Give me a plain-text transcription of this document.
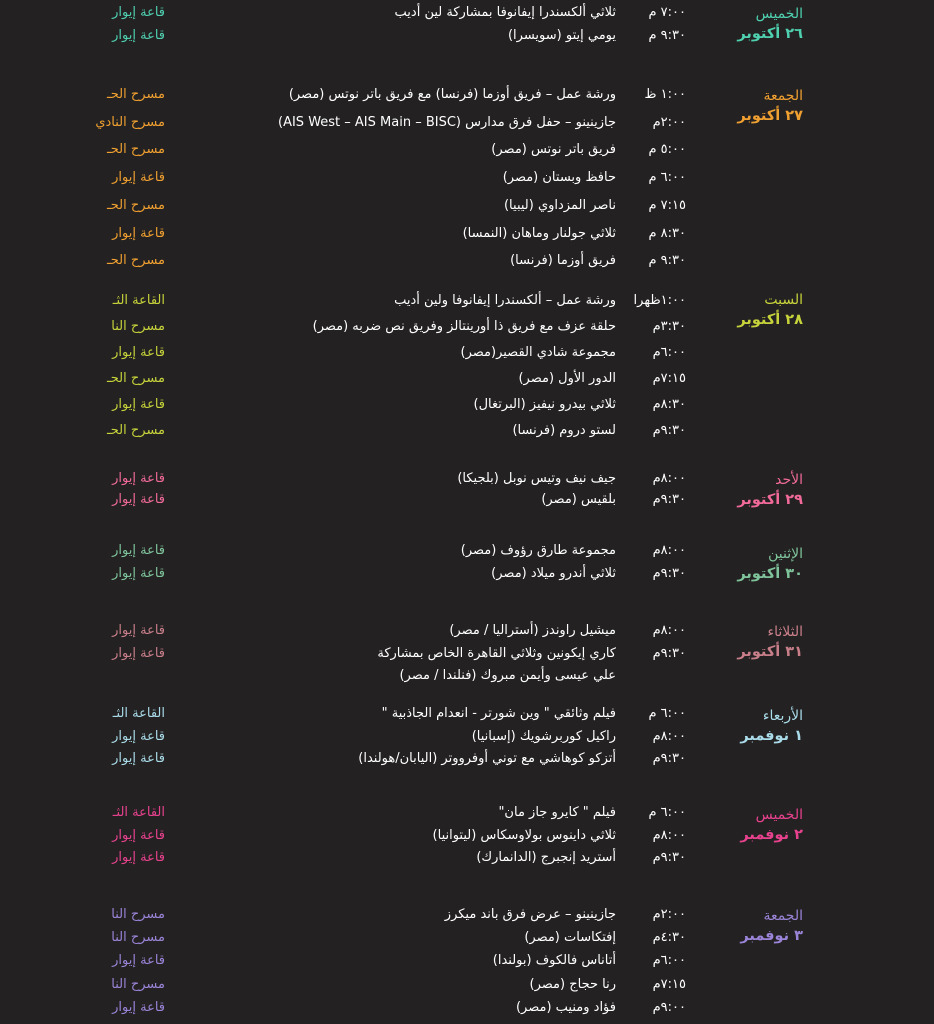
الخميس
٢٦ أكتوبر
٧:٠٠ م
ثلاثي ألكسندرا إيفانوفا بمشاركة لين أديب
قاعة إيوار
٩:٣٠ م
يومي إيتو (سويسرا)
قاعة إيوار
الجمعة
٢٧ أكتوبر
١:٠٠ ظ
ورشة عمل – فريق أوزما (فرنسا) مع فريق باتر نوتس (مصر)
مسرح الحـ
٢:٠٠م
جازينينو – حفل فرق مدارس (AIS West – AIS Main – BISC)
مسرح النادي
٥:٠٠ م
فريق باتر نوتس (مصر)
مسرح الحـ
٦:٠٠ م
حافظ وبستان (مصر)
قاعة إيوار
٧:١٥ م
ناصر المزداوي (ليبيا)
مسرح الحـ
٨:٣٠ م
ثلاثي جولنار وماهان (النمسا)
قاعة إيوار
٩:٣٠ م
فريق أوزما (فرنسا)
مسرح الحـ
السبت
٢٨ أكتوبر
١:٠٠ظهرا
ورشة عمل – ألكسندرا إيفانوفا ولين أديب
القاعة الثـ
٣:٣٠م
حلقة عزف مع فريق ذا أورينتالز وفريق نص ضربه (مصر)
مسرح النا
٦:٠٠م
مجموعة شادي القصير(مصر)
قاعة إيوار
٧:١٥م
الدور الأول (مصر)
مسرح الحـ
٨:٣٠م
ثلاثي بيدرو نيفيز (البرتغال)
قاعة إيوار
٩:٣٠م
لستو دروم (فرنسا)
مسرح الحـ
الأحد
٢٩ أكتوبر
٨:٠٠م
جيف نيف وتيس نوبل (بلجيكا)
قاعة إيوار
٩:٣٠م
بلقيس (مصر)
قاعة إيوار
الإثنين
٣٠ أكتوبر
٨:٠٠م
مجموعة طارق رؤوف (مصر)
قاعة إيوار
٩:٣٠م
ثلاثي أندرو ميلاد (مصر)
قاعة إيوار
الثلاثاء
٣١ أكتوبر
٨:٠٠م
ميشيل راوندز (أستراليا / مصر)
قاعة إيوار
٩:٣٠م
كاري إيكونين وثلاثي القاهرة الخاص بمشاركة
قاعة إيوار
علي عيسى وأيمن مبروك (فنلندا / مصر)
الأربعاء
١ نوفمبر
٦:٠٠ م
فيلم وثائقي " وين شورتر - انعدام الجاذبية "
القاعة الثـ
٨:٠٠م
راكيل كوربرشويك (إسبانيا)
قاعة إيوار
٩:٣٠م
أتزكو كوهاشي مع توني أوفرووتر (اليابان/هولندا)
قاعة إيوار
الخميس
٢ نوفمبر
٦:٠٠ م
فيلم " كايرو جاز مان"
القاعة الثـ
٨:٠٠م
ثلاثي داينوس بولاوسكاس (ليتوانيا)
قاعة إيوار
٩:٣٠م
أستريد إنجبرج (الدانمارك)
قاعة إيوار
الجمعة
٣ نوفمبر
٢:٠٠م
جازينينو – عرض فرق باند ميكرز
مسرح النا
٤:٣٠م
إفتكاسات (مصر)
مسرح النا
٦:٠٠م
أتاناس فالكوف (بولندا)
قاعة إيوار
٧:١٥م
رنا حجاج (مصر)
مسرح النا
٩:٠٠م
فؤاد ومنيب (مصر)
قاعة إيوار
